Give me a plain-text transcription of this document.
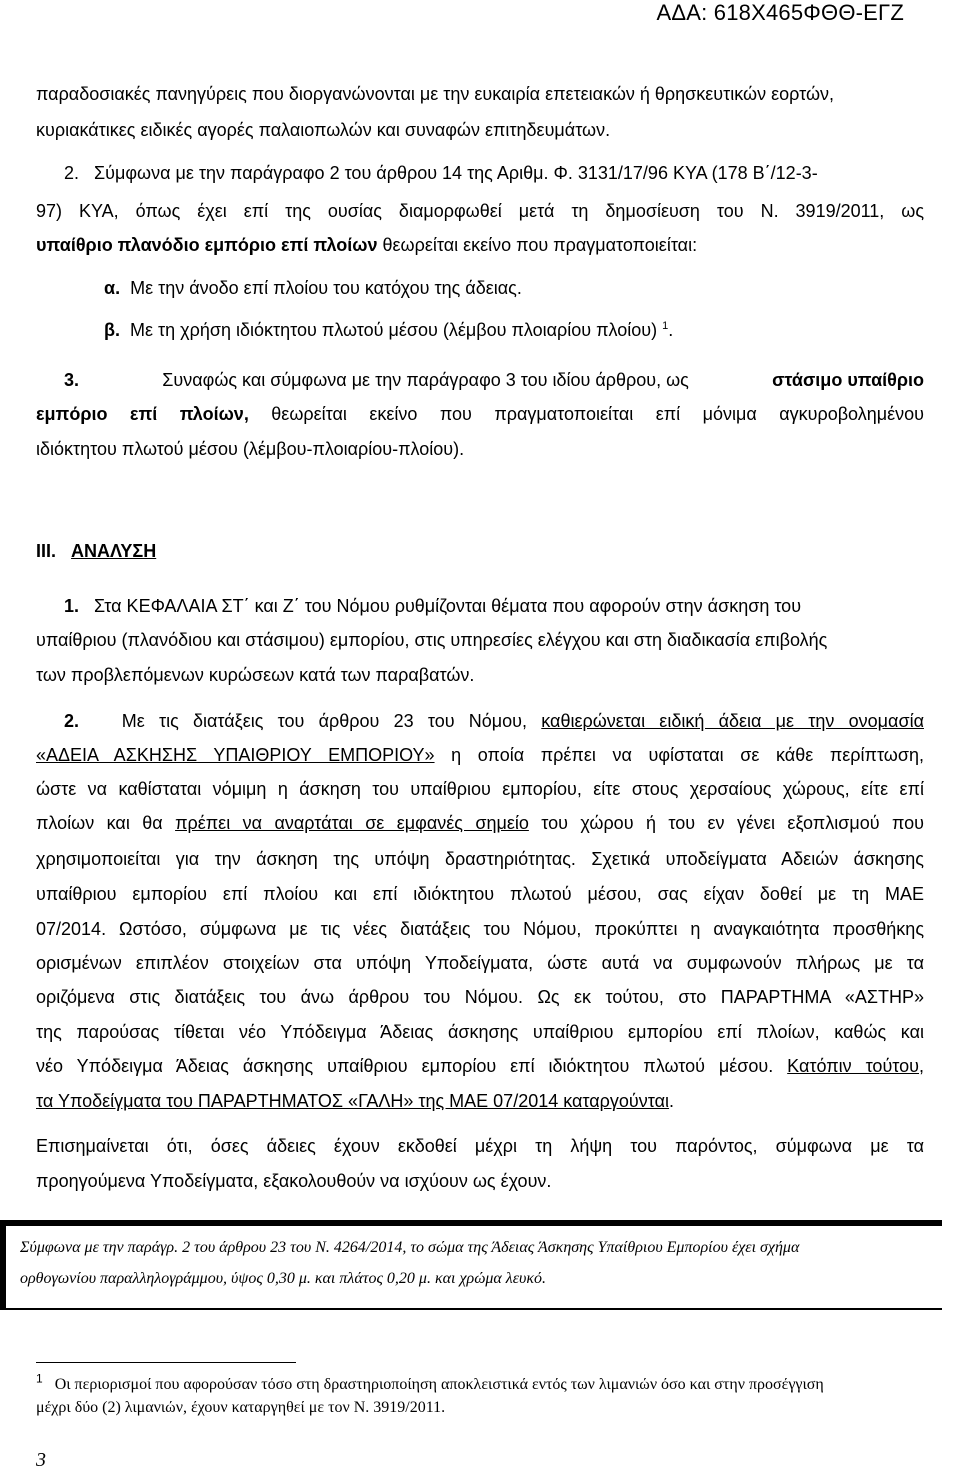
ΑΔΑ: 618Χ465ΦΘΘ-ΕΓΖ
παραδοσιακές πανηγύρεις που διοργανώνονται με την ευκαιρία επετειακών ή θρησκευτικών εορτών,
κυριακάτικες ειδικές αγορές παλαιοπωλών και συναφών επιτηδευμάτων.
2. Σύμφωνα με την παράγραφο 2 του άρθρου 14 της Αριθμ. Φ. 3131/17/96 ΚΥΑ (178 Β΄/12-3-
97) ΚΥΑ, όπως έχει επί της ουσίας διαμορφωθεί μετά τη δημοσίευση του Ν. 3919/2011, ως
υπαίθριο πλανόδιο εμπόριο επί πλοίων θεωρείται εκείνο που πραγματοποιείται:
α. Με την άνοδο επί πλοίου του κατόχου της άδειας.
β. Με τη χρήση ιδιόκτητου πλωτού μέσου (λέμβου πλοιαρίου πλοίου) $^1$.
3.	Συναφώς και σύμφωνα με την παράγραφο 3 του ιδίου άρθρου, ως	στάσιμο υπαίθριο
εμπόριο επί πλοίων, θεωρείται εκείνο που πραγματοποιείται επί μόνιμα αγκυροβολημένου
ιδιόκτητου πλωτού μέσου (λέμβου-πλοιαρίου-πλοίου).
III. ΑΝΑΛΥΣΗ
1. Στα ΚΕΦΑΛΑΙΑ ΣΤ΄ και Ζ΄ του Νόμου ρυθμίζονται θέματα που αφορούν στην άσκηση του
υπαίθριου (πλανόδιου και στάσιμου) εμπορίου, στις υπηρεσίες ελέγχου και στη διαδικασία επιβολής
των προβλεπόμενων κυρώσεων κατά των παραβατών.
2. Με τις διατάξεις του άρθρου 23 του Νόμου, καθιερώνεται ειδική άδεια με την ονομασία
«ΑΔΕΙΑ ΑΣΚΗΣΗΣ ΥΠΑΙΘΡΙΟΥ ΕΜΠΟΡΙΟΥ» η οποία πρέπει να υφίσταται σε κάθε περίπτωση,
ώστε να καθίσταται νόμιμη η άσκηση του υπαίθριου εμπορίου, είτε στους χερσαίους χώρους, είτε επί
πλοίων και θα πρέπει να αναρτάται σε εμφανές σημείο του χώρου ή του εν γένει εξοπλισμού που
χρησιμοποιείται για την άσκηση της υπόψη δραστηριότητας. Σχετικά υποδείγματα Αδειών άσκησης
υπαίθριου εμπορίου επί πλοίου και επί ιδιόκτητου πλωτού μέσου, σας είχαν δοθεί με τη ΜΑΕ
07/2014. Ωστόσο, σύμφωνα με τις νέες διατάξεις του Νόμου, προκύπτει η αναγκαιότητα προσθήκης
ορισμένων επιπλέον στοιχείων στα υπόψη Υποδείγματα, ώστε αυτά να συμφωνούν πλήρως με τα
οριζόμενα στις διατάξεις του άνω άρθρου του Νόμου. Ως εκ τούτου, στο ΠΑΡΑΡΤΗΜΑ «ΑΣΤΗΡ»
της παρούσας τίθεται νέο Υπόδειγμα Άδειας άσκησης υπαίθριου εμπορίου επί πλοίων, καθώς και
νέο Υπόδειγμα Άδειας άσκησης υπαίθριου εμπορίου επί ιδιόκτητου πλωτού μέσου. Κατόπιν τούτου,
τα Υποδείγματα του ΠΑΡΑΡΤΗΜΑΤΟΣ «ΓΑΛΗ» της ΜΑΕ 07/2014 καταργούνται.
Επισημαίνεται ότι, όσες άδειες έχουν εκδοθεί μέχρι τη λήψη του παρόντος, σύμφωνα με τα
προηγούμενα Υποδείγματα, εξακολουθούν να ισχύουν ως έχουν.
Σύμφωνα με την παράγρ. 2 του άρθρου 23 του Ν. 4264/2014, το σώμα της Άδειας Άσκησης Υπαίθριου Εμπορίου έχει σχήμα
ορθογωνίου παραλληλογράμμου, ύψος 0,30 μ. και πλάτος 0,20 μ. και χρώμα λευκό.
$^1$ Οι περιορισμοί που αφορούσαν τόσο στη δραστηριοποίηση αποκλειστικά εντός των λιμανιών όσο και στην προσέγγιση
μέχρι δύο (2) λιμανιών, έχουν καταργηθεί με τον Ν. 3919/2011.
3
